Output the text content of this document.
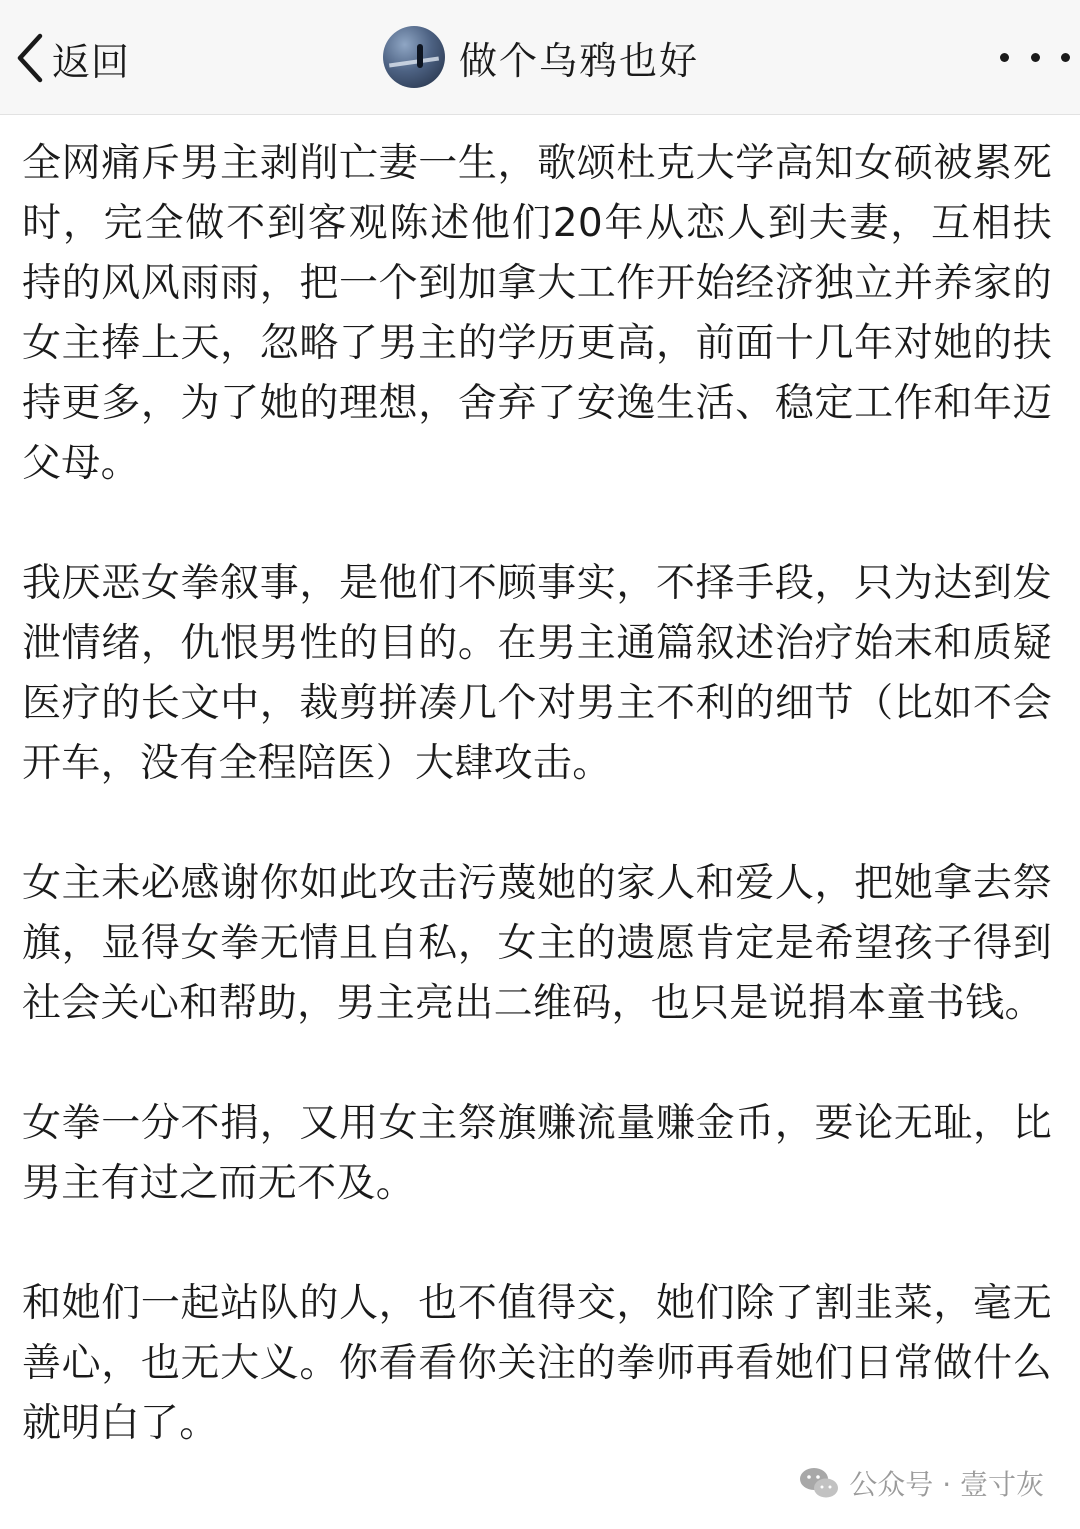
返回	做个乌鸦也好

全网痛斥男主剥削亡妻一生，歌颂杜克大学高知女硕被累死时，完全做不到客观陈述他们20年从恋人到夫妻，互相扶持的风风雨雨，把一个到加拿大工作开始经济独立并养家的女主捧上天，忽略了男主的学历更高，前面十几年对她的扶持更多，为了她的理想，舍弃了安逸生活、稳定工作和年迈父母。

我厌恶女拳叙事，是他们不顾事实，不择手段，只为达到发泄情绪，仇恨男性的目的。在男主通篇叙述治疗始末和质疑医疗的长文中，裁剪拼凑几个对男主不利的细节（比如不会开车，没有全程陪医）大肆攻击。

女主未必感谢你如此攻击污蔑她的家人和爱人，把她拿去祭旗，显得女拳无情且自私，女主的遗愿肯定是希望孩子得到社会关心和帮助，男主亮出二维码，也只是说捐本童书钱。

女拳一分不捐，又用女主祭旗赚流量赚金币，要论无耻，比男主有过之而无不及。

和她们一起站队的人，也不值得交，她们除了割韭菜，毫无善心，也无大义。你看看你关注的拳师再看她们日常做什么就明白了。

公众号 · 壹寸灰
